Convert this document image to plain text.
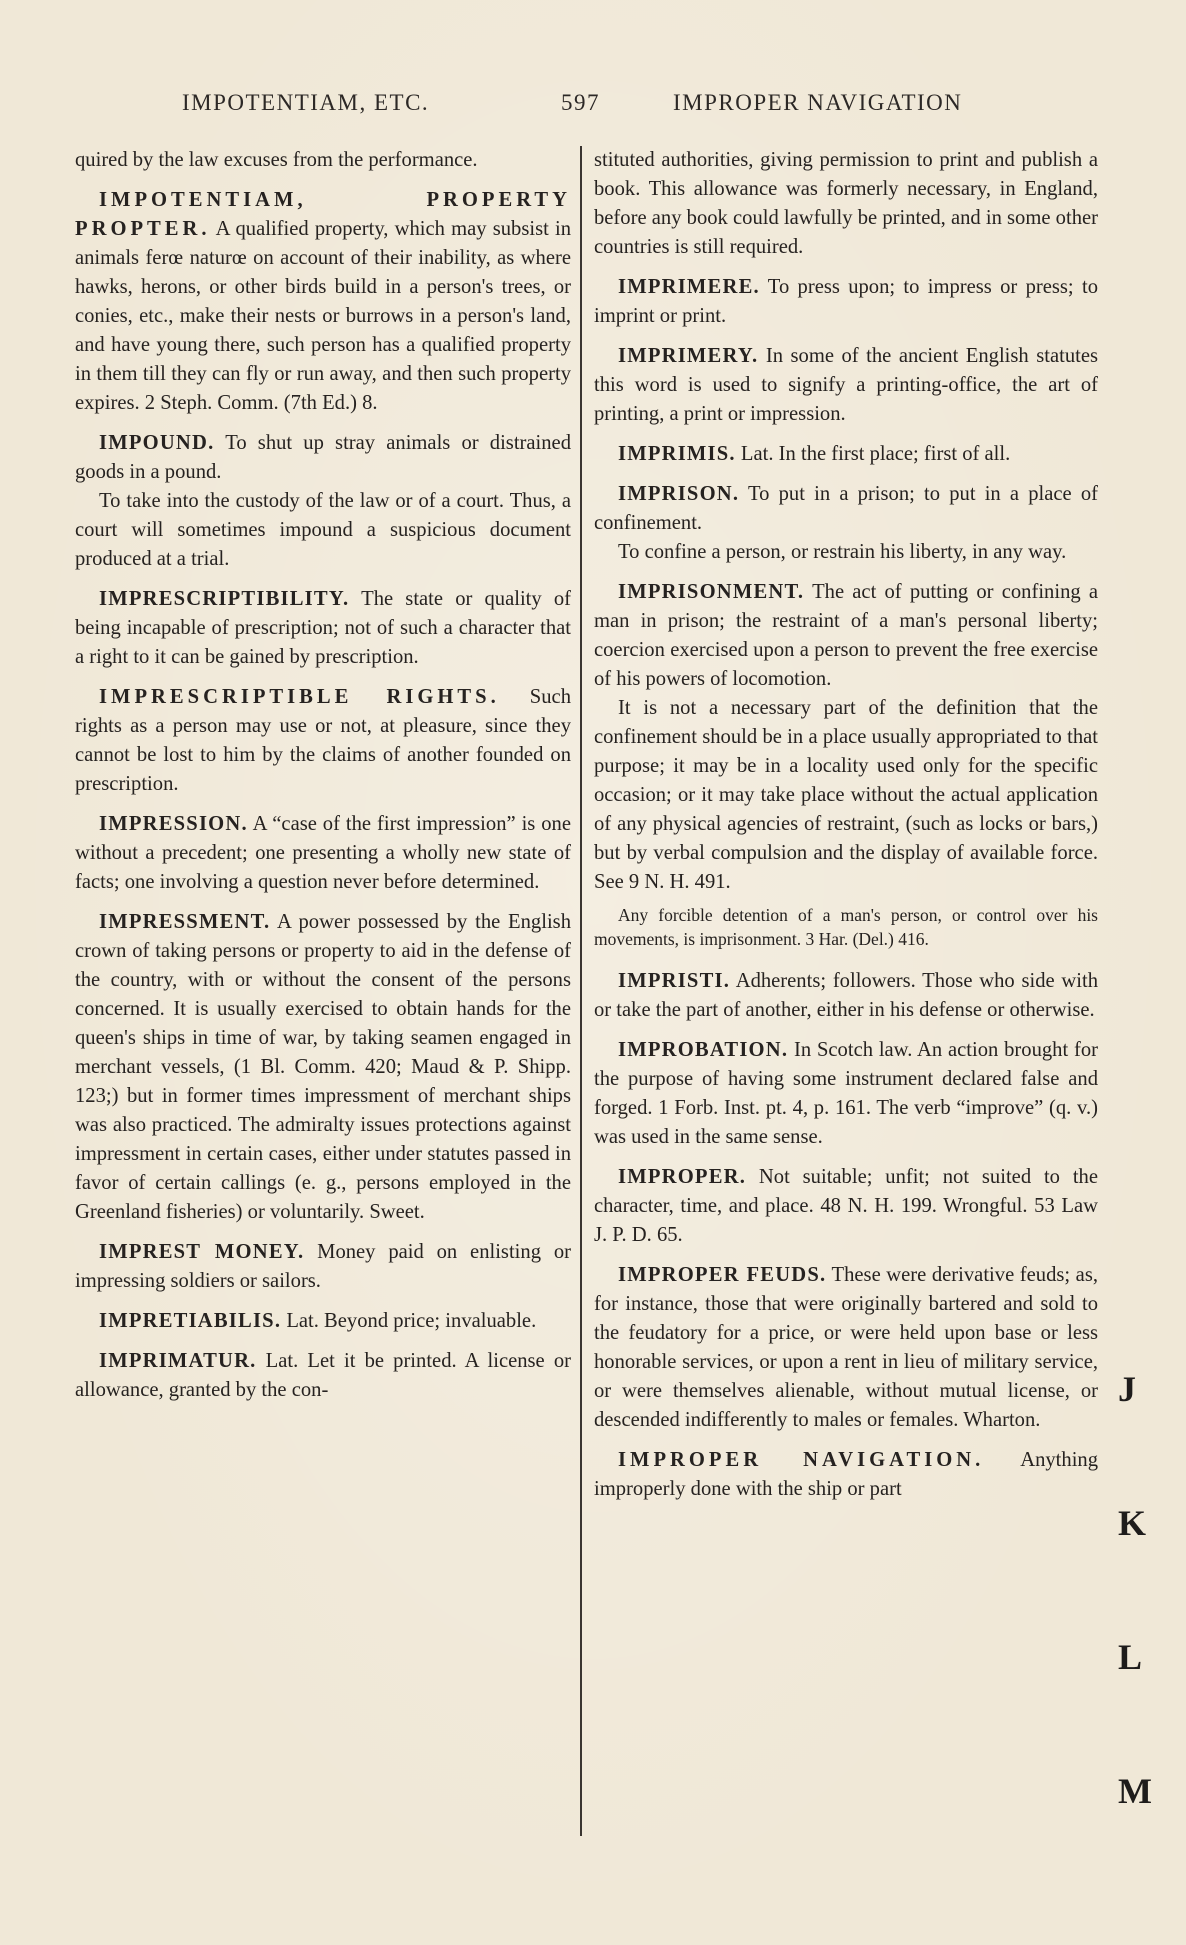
IMPOTENTIAM, ETC.	597	IMPROPER NAVIGATION

quired by the law excuses from the performance.

IMPOTENTIAM, PROPERTY PROPTER. A qualified property, which may subsist in animals ferœ naturœ on account of their inability, as where hawks, herons, or other birds build in a person's trees, or conies, etc., make their nests or burrows in a person's land, and have young there, such person has a qualified property in them till they can fly or run away, and then such property expires. 2 Steph. Comm. (7th Ed.) 8.

IMPOUND. To shut up stray animals or distrained goods in a pound.

To take into the custody of the law or of a court. Thus, a court will sometimes impound a suspicious document produced at a trial.

IMPRESCRIPTIBILITY. The state or quality of being incapable of prescription; not of such a character that a right to it can be gained by prescription.

IMPRESCRIPTIBLE RIGHTS. Such rights as a person may use or not, at pleasure, since they cannot be lost to him by the claims of another founded on prescription.

IMPRESSION. A “case of the first impression” is one without a precedent; one presenting a wholly new state of facts; one involving a question never before determined.

IMPRESSMENT. A power possessed by the English crown of taking persons or property to aid in the defense of the country, with or without the consent of the persons concerned. It is usually exercised to obtain hands for the queen's ships in time of war, by taking seamen engaged in merchant vessels, (1 Bl. Comm. 420; Maud & P. Shipp. 123;) but in former times impressment of merchant ships was also practiced. The admiralty issues protections against impressment in certain cases, either under statutes passed in favor of certain callings (e. g., persons employed in the Greenland fisheries) or voluntarily. Sweet.

IMPREST MONEY. Money paid on enlisting or impressing soldiers or sailors.

IMPRETIABILIS. Lat. Beyond price; invaluable.

IMPRIMATUR. Lat. Let it be printed. A license or allowance, granted by the con-

stituted authorities, giving permission to print and publish a book. This allowance was formerly necessary, in England, before any book could lawfully be printed, and in some other countries is still required.

IMPRIMERE. To press upon; to impress or press; to imprint or print.

IMPRIMERY. In some of the ancient English statutes this word is used to signify a printing-office, the art of printing, a print or impression.

IMPRIMIS. Lat. In the first place; first of all.

IMPRISON. To put in a prison; to put in a place of confinement.

To confine a person, or restrain his liberty, in any way.

IMPRISONMENT. The act of putting or confining a man in prison; the restraint of a man's personal liberty; coercion exercised upon a person to prevent the free exercise of his powers of locomotion.

It is not a necessary part of the definition that the confinement should be in a place usually appropriated to that purpose; it may be in a locality used only for the specific occasion; or it may take place without the actual application of any physical agencies of restraint, (such as locks or bars,) but by verbal compulsion and the display of available force. See 9 N. H. 491.

Any forcible detention of a man's person, or control over his movements, is imprisonment. 3 Har. (Del.) 416.

IMPRISTI. Adherents; followers. Those who side with or take the part of another, either in his defense or otherwise.

IMPROBATION. In Scotch law. An action brought for the purpose of having some instrument declared false and forged. 1 Forb. Inst. pt. 4, p. 161. The verb “improve” (q. v.) was used in the same sense.

IMPROPER. Not suitable; unfit; not suited to the character, time, and place. 48 N. H. 199. Wrongful. 53 Law J. P. D. 65.

IMPROPER FEUDS. These were derivative feuds; as, for instance, those that were originally bartered and sold to the feudatory for a price, or were held upon base or less honorable services, or upon a rent in lieu of military service, or were themselves alienable, without mutual license, or descended indifferently to males or females. Wharton.

IMPROPER NAVIGATION. Anything improperly done with the ship or part

J
K
L
M
